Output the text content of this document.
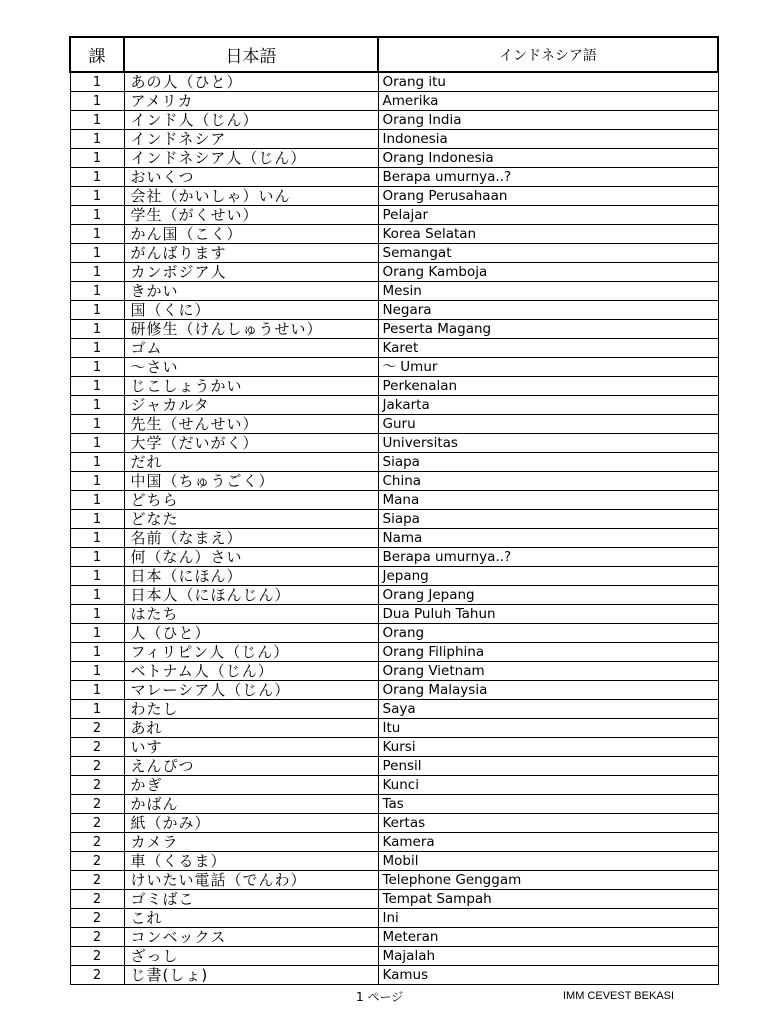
課	日本語	インドネシア語
1	あの人（ひと）	Orang itu
1	アメリカ	Amerika
1	インド人（じん）	Orang India
1	インドネシア	Indonesia
1	インドネシア人（じん）	Orang Indonesia
1	おいくつ	Berapa umurnya..?
1	会社（かいしゃ）いん	Orang Perusahaan
1	学生（がくせい）	Pelajar
1	かん国（こく）	Korea Selatan
1	がんばります	Semangat
1	カンボジア人	Orang Kamboja
1	きかい	Mesin
1	国（くに）	Negara
1	研修生（けんしゅうせい）	Peserta Magang
1	ゴム	Karet
1	〜さい	〜 Umur
1	じこしょうかい	Perkenalan
1	ジャカルタ	Jakarta
1	先生（せんせい）	Guru
1	大学（だいがく）	Universitas
1	だれ	Siapa
1	中国（ちゅうごく）	China
1	どちら	Mana
1	どなた	Siapa
1	名前（なまえ）	Nama
1	何（なん）さい	Berapa umurnya..?
1	日本（にほん）	Jepang
1	日本人（にほんじん）	Orang Jepang
1	はたち	Dua Puluh Tahun
1	人（ひと）	Orang
1	フィリピン人（じん）	Orang Filiphina
1	ベトナム人（じん）	Orang Vietnam
1	マレーシア人（じん）	Orang Malaysia
1	わたし	Saya
2	あれ	Itu
2	いす	Kursi
2	えんぴつ	Pensil
2	かぎ	Kunci
2	かばん	Tas
2	紙（かみ）	Kertas
2	カメラ	Kamera
2	車（くるま）	Mobil
2	けいたい電話（でんわ）	Telephone Genggam
2	ゴミばこ	Tempat Sampah
2	これ	Ini
2	コンベックス	Meteran
2	ざっし	Majalah
2	じ書(しょ)	Kamus
1 ページ	IMM CEVEST BEKASI
